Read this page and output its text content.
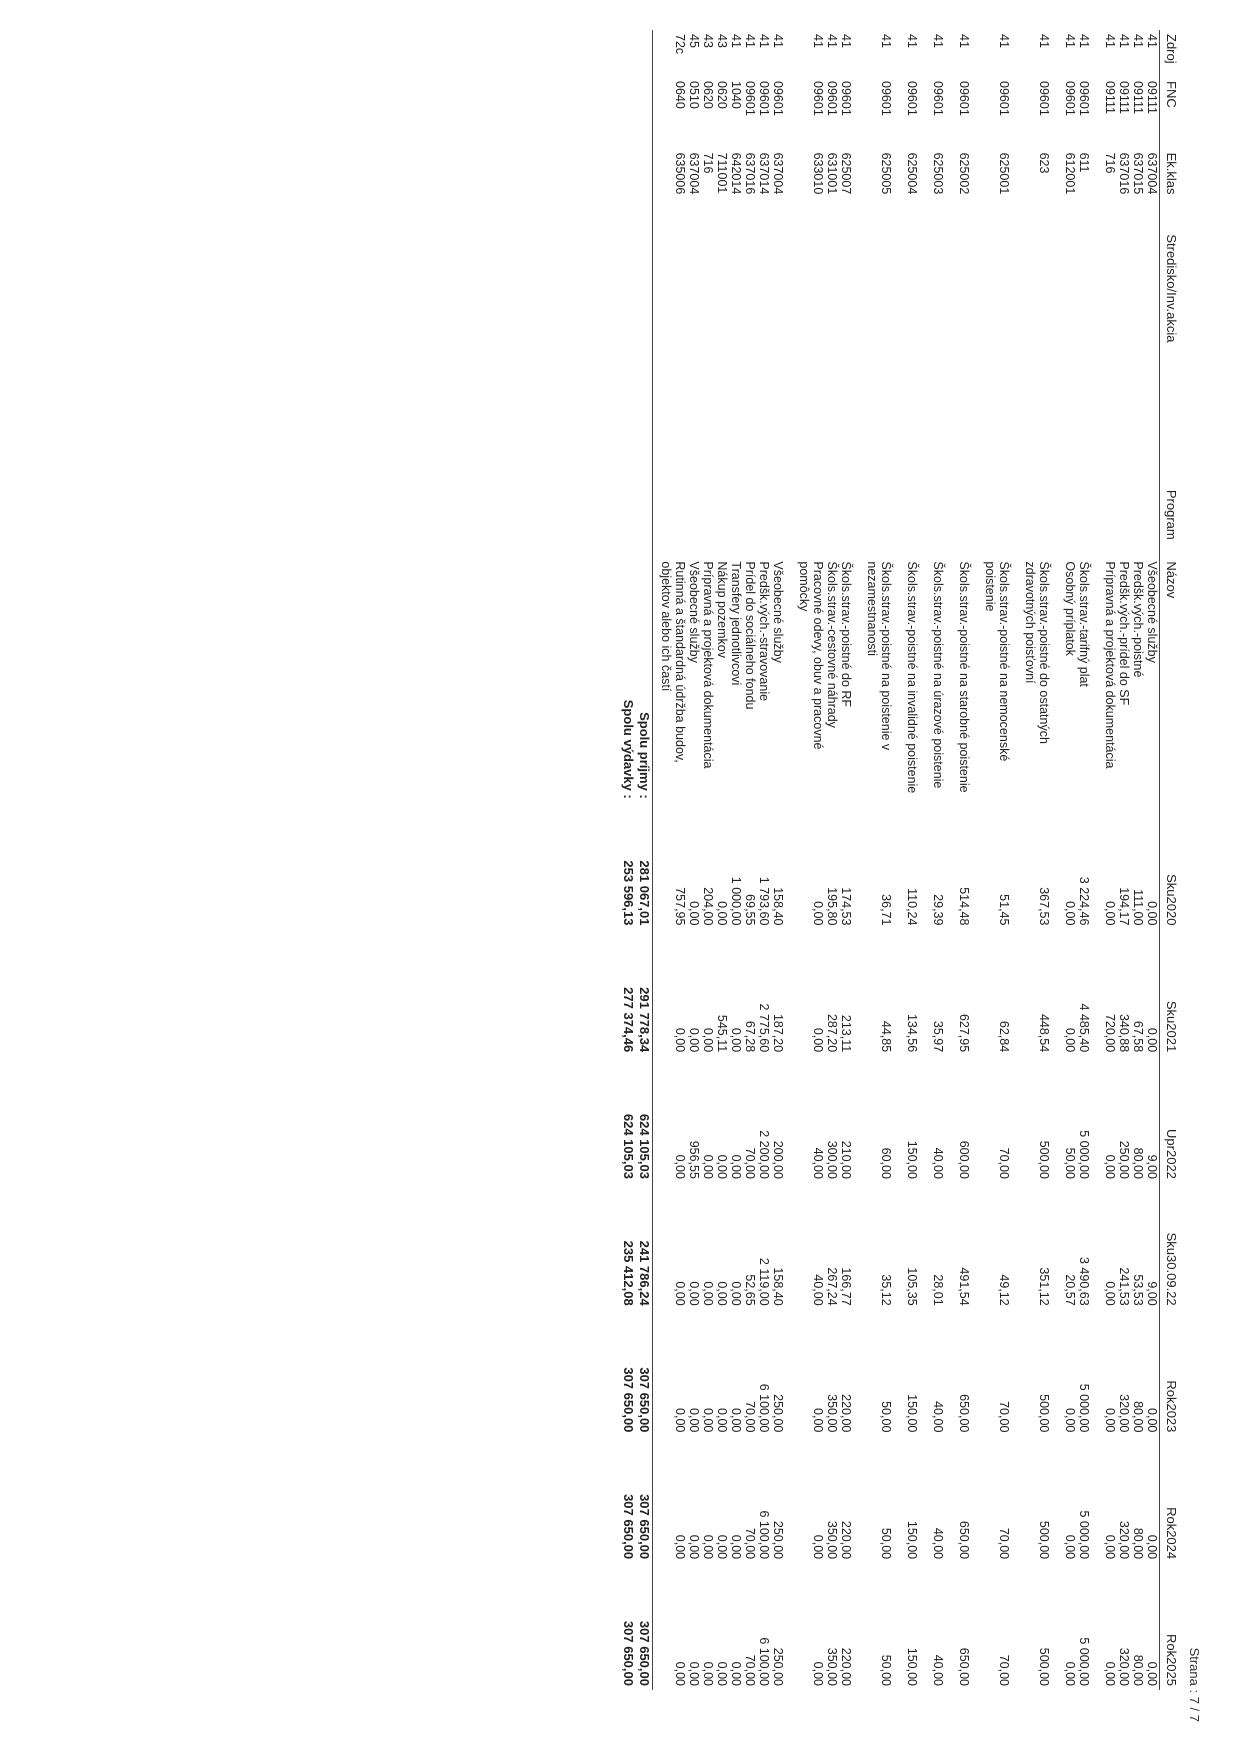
Strana : 7 / 7
Zdroj	FNC	Ek.klas	Stredisko/Inv.akcia	Program	Názov	Sku2020	Sku2021	Upr2022	Sku30.09.22	Rok2023	Rok2024	Rok2025
41	09111	637004			Všeobecné služby	0,00	0,00	9,00	9,00	0,00	0,00	0,00
41	09111	637015			Predšk.vých.-poistné	111,00	67,58	80,00	53,53	80,00	80,00	80,00
41	09111	637016			Predšk.vých.-prídel do SF	194,17	340,88	250,00	241,53	320,00	320,00	320,00
41	09111	716			Prípravná a projektová dokumentácia	0,00	720,00	0,00	0,00	0,00	0,00	0,00
41	09601	611			Škols.strav.-tarifný plat	3 224,46	4 485,40	5 000,00	3 490,63	5 000,00	5 000,00	5 000,00
41	09601	612001			Osobný príplatok	0,00	0,00	50,00	20,57	0,00	0,00	0,00
41	09601	623			Škols.strav.-poistné do ostatných zdravotných poisťovní	367,53	448,54	500,00	351,12	500,00	500,00	500,00
41	09601	625001			Škols.strav.-poistné na nemocenské poistenie	51,45	62,84	70,00	49,12	70,00	70,00	70,00
41	09601	625002			Škols.strav.-poistné na starobné poistenie	514,48	627,95	600,00	491,54	650,00	650,00	650,00
41	09601	625003			Škols.strav.-poistné na úrazové poistenie	29,39	35,97	40,00	28,01	40,00	40,00	40,00
41	09601	625004			Škols.strav.-poistné na invalidné poistenie	110,24	134,56	150,00	105,35	150,00	150,00	150,00
41	09601	625005			Škols.strav.-poistné na poistenie v nezamestnanosti	36,71	44,85	60,00	35,12	50,00	50,00	50,00
41	09601	625007			Škols.strav.-poistné do RF	174,53	213,11	210,00	166,77	220,00	220,00	220,00
41	09601	631001			Škols.strav.-cestovné náhrady	195,80	287,20	300,00	267,24	350,00	350,00	350,00
41	09601	633010			Pracovné odevy, obuv a pracovné pomôcky	0,00	0,00	40,00	40,00	0,00	0,00	0,00
41	09601	637004			Všeobecné služby	158,40	187,20	200,00	158,40	250,00	250,00	250,00
41	09601	637014			Predšk.vých.-stravovanie	1 793,60	2 775,60	2 200,00	2 119,00	6 100,00	6 100,00	6 100,00
41	09601	637016			Prídel do sociálneho fondu	69,55	67,28	70,00	52,65	70,00	70,00	70,00
41	1040	642014			Transfery jednotlivcovi	1 000,00	0,00	0,00	0,00	0,00	0,00	0,00
43	0620	711001			Nákup pozemkov	0,00	545,11	0,00	0,00	0,00	0,00	0,00
43	0620	716			Prípravná a projektová dokumentácia	204,00	0,00	0,00	0,00	0,00	0,00	0,00
45	0510	637004			Všeobecné služby	0,00	0,00	956,55	0,00	0,00	0,00	0,00
72c	0640	635006			Rutinná a štandardná údržba budov, objektov alebo ich častí	757,95	0,00	0,00	0,00	0,00	0,00	0,00
Spolu príjmy :	281 067,01	291 778,34	624 105,03	241 786,24	307 650,00	307 650,00	307 650,00
Spolu výdavky :	253 596,13	277 374,46	624 105,03	235 412,08	307 650,00	307 650,00	307 650,00
